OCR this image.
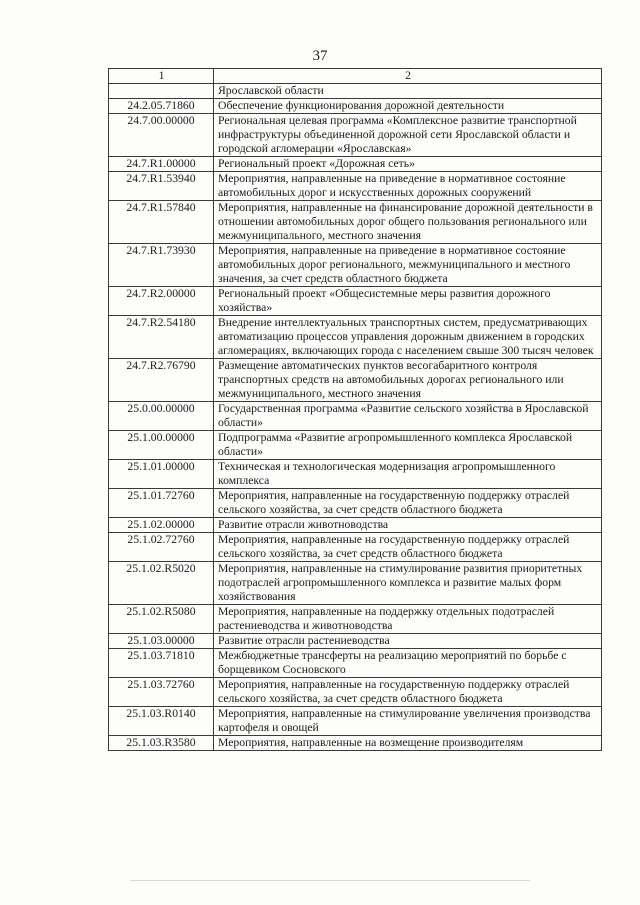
37
1	2
	Ярославской области
24.2.05.71860	Обеспечение функционирования дорожной деятельности
24.7.00.00000	Региональная целевая программа «Комплексное развитие транспортной инфраструктуры объединенной дорожной сети Ярославской области и городской агломерации «Ярославская»
24.7.R1.00000	Региональный проект «Дорожная сеть»
24.7.R1.53940	Мероприятия, направленные на приведение в нормативное состояние автомобильных дорог и искусственных дорожных сооружений
24.7.R1.57840	Мероприятия, направленные на финансирование дорожной деятельности в отношении автомобильных дорог общего пользования регионального или межмуниципального, местного значения
24.7.R1.73930	Мероприятия, направленные на приведение в нормативное состояние автомобильных дорог регионального, межмуниципального и местного значения, за счет средств областного бюджета
24.7.R2.00000	Региональный проект «Общесистемные меры развития дорожного хозяйства»
24.7.R2.54180	Внедрение интеллектуальных транспортных систем, предусматривающих автоматизацию процессов управления дорожным движением в городских агломерациях, включающих города с населением свыше 300 тысяч человек
24.7.R2.76790	Размещение автоматических пунктов весогабаритного контроля транспортных средств на автомобильных дорогах регионального или межмуниципального, местного значения
25.0.00.00000	Государственная программа «Развитие сельского хозяйства в Ярославской области»
25.1.00.00000	Подпрограмма «Развитие агропромышленного комплекса Ярославской области»
25.1.01.00000	Техническая и технологическая модернизация агропромышленного комплекса
25.1.01.72760	Мероприятия, направленные на государственную поддержку отраслей сельского хозяйства, за счет средств областного бюджета
25.1.02.00000	Развитие отрасли животноводства
25.1.02.72760	Мероприятия, направленные на государственную поддержку отраслей сельского хозяйства, за счет средств областного бюджета
25.1.02.R5020	Мероприятия, направленные на стимулирование развития приоритетных подотраслей агропромышленного комплекса и развитие малых форм хозяйствования
25.1.02.R5080	Мероприятия, направленные на поддержку отдельных подотраслей растениеводства и животноводства
25.1.03.00000	Развитие отрасли растениеводства
25.1.03.71810	Межбюджетные трансферты на реализацию мероприятий по борьбе с борщевиком Сосновского
25.1.03.72760	Мероприятия, направленные на государственную поддержку отраслей сельского хозяйства, за счет средств областного бюджета
25.1.03.R0140	Мероприятия, направленные на стимулирование увеличения производства картофеля и овощей
25.1.03.R3580	Мероприятия, направленные на возмещение производителям
